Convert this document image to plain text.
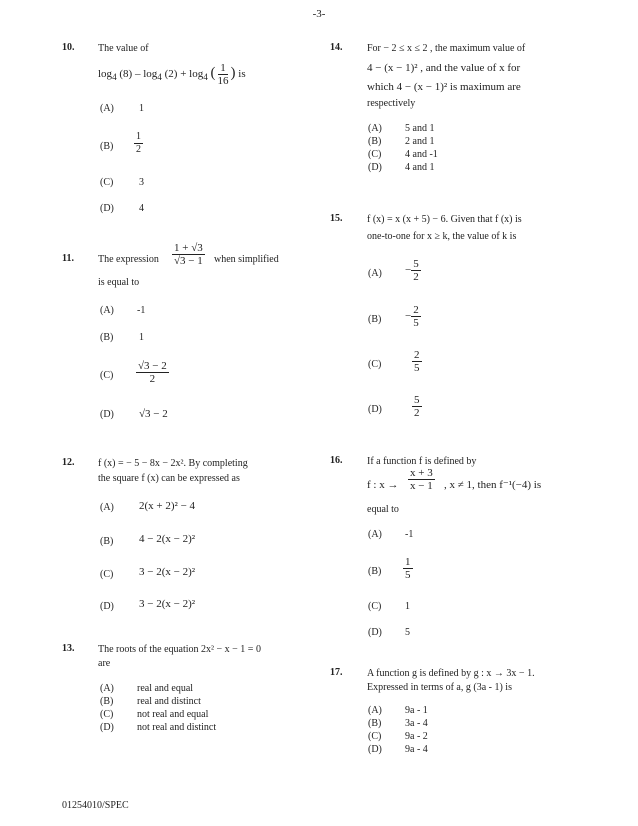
-3-
10. The value of
$\log_4 (8) - \log_4 (2) + \log_4$ ( $\frac{1}{16}$ ) is
(A)	1
$(B) \frac{1}{2}$
(C)	3
(D)	4
11. The expression $\frac{1 + √3}{√3 - 1}$ when simplified
is equal to
(A) -1
(B)	1
$(C) \frac{√3 - 2}{2}$
(D) √3 − 2
12. f (x) = − 5 − 8x − 2x². By completing
the square f (x) can be expressed as
(A) 2(x + 2)² − 4
(B) 4 − 2(x − 2)²
(C) 3 − 2(x − 2)²
(D) 3 − 2(x − 2)²
13. The roots of the equation 2x² − x − 1 = 0
are
(A) real and equal
(B) real and distinct
(C) not real and equal
(D) not real and distinct
14. For − 2 ≤ x ≤ 2 , the maximum value of
4 − (x − 1)² , and the value of x for
which 4 − (x − 1)² is maximum are
respectively
(A) 5 and 1
(B) 2 and 1
(C) 4 and -1
(D) 4 and 1
15. f (x) = x (x + 5) − 6. Given that f (x) is
one-to-one for x ≥ k, the value of k is
$(A) - \frac{5}{2}$
$(B) - \frac{2}{5}$
(C)	$\frac{2}{5}$
(D)	$\frac{5}{2}$
16. If a function f is defined by
f : $x \to \frac{x + 3}{x - 1}$ , x ≠ 1, then f⁻¹(−4) is
equal to
(A) -1
$(B) \frac{1}{5}$
(C) 1
(D) 5
17. A function g is defined by g : x → 3x − 1.
Expressed in terms of a, g (3a - 1) is
(A) 9a - 1
(B) 3a - 4
(C) 9a - 2
(D) 9a - 4
01254010/SPEC
